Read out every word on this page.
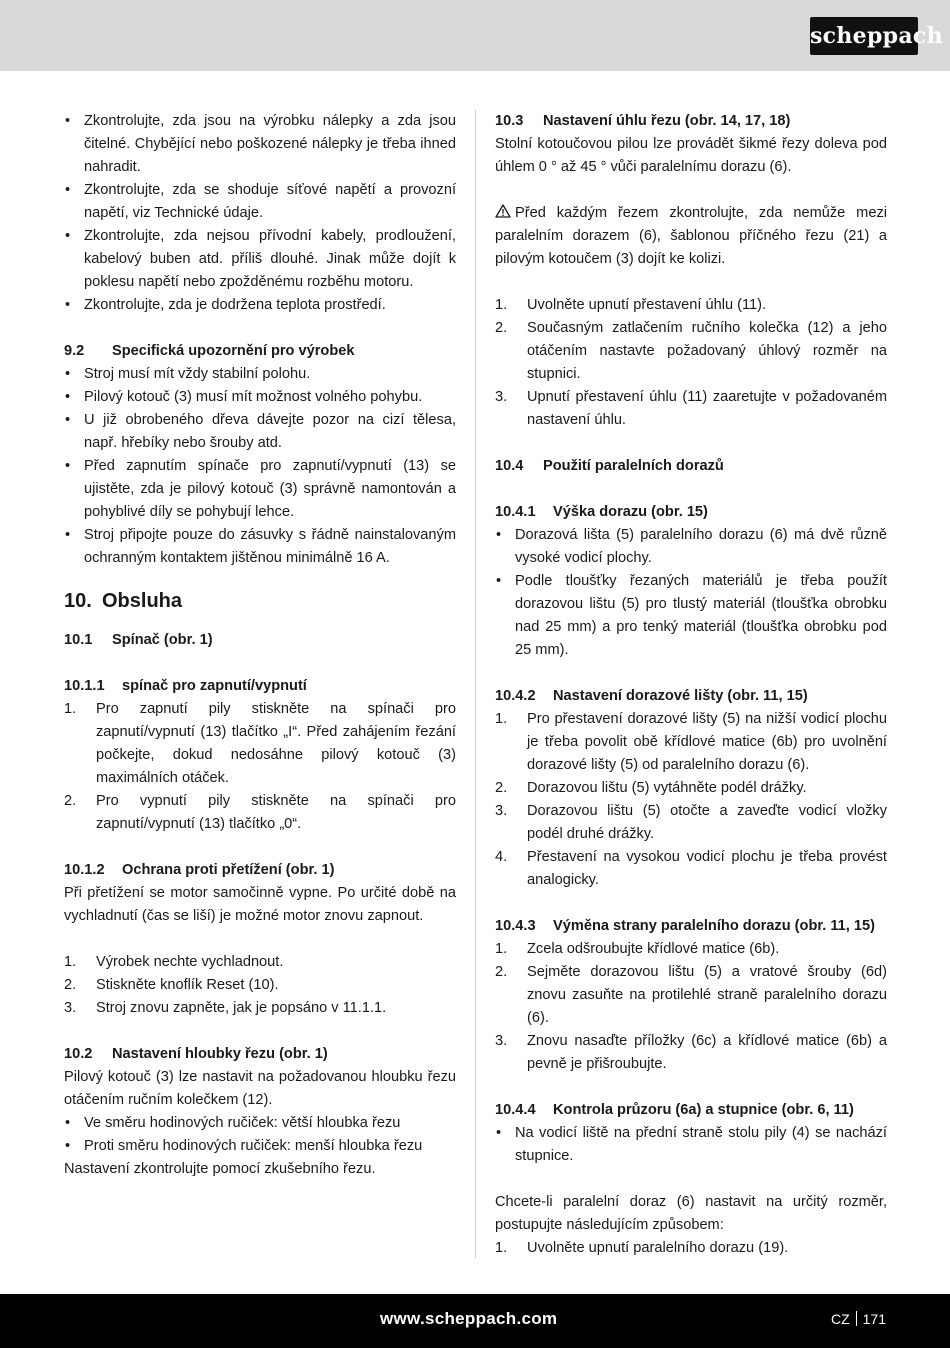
scheppach
• Zkontrolujte, zda jsou na výrobku nálepky a zda jsou čitelné. Chybějící nebo poškozené nálepky je třeba ihned nahradit.
• Zkontrolujte, zda se shoduje síťové napětí a provozní napětí, viz Technické údaje.
• Zkontrolujte, zda nejsou přívodní kabely, prodloužení, kabelový buben atd. příliš dlouhé. Jinak může dojít k poklesu napětí nebo zpožděnému rozběhu motoru.
• Zkontrolujte, zda je dodržena teplota prostředí.
9.2 Specifická upozornění pro výrobek
• Stroj musí mít vždy stabilní polohu.
• Pilový kotouč (3) musí mít možnost volného pohybu.
• U již obrobeného dřeva dávejte pozor na cizí tělesa, např. hřebíky nebo šrouby atd.
• Před zapnutím spínače pro zapnutí/vypnutí (13) se ujistěte, zda je pilový kotouč (3) správně namontován a pohyblivé díly se pohybují lehce.
• Stroj připojte pouze do zásuvky s řádně nainstalovaným ochranným kontaktem jištěnou minimálně 16 A.
10. Obsluha
10.1 Spínač (obr. 1)
10.1.1 spínač pro zapnutí/vypnutí
1. Pro zapnutí pily stiskněte na spínači pro zapnutí/vypnutí (13) tlačítko „I“. Před zahájením řezání počkejte, dokud nedosáhne pilový kotouč (3) maximálních otáček.
2. Pro vypnutí pily stiskněte na spínači pro zapnutí/vypnutí (13) tlačítko „0“.
10.1.2 Ochrana proti přetížení (obr. 1)

Při přetížení se motor samočinně vypne. Po určité době na vychladnutí (čas se liší) je možné motor znovu zapnout.

1. Výrobek nechte vychladnout.
2. Stiskněte knoflík Reset (10).
3. Stroj znovu zapněte, jak je popsáno v 11.1.1.
10.2 Nastavení hloubky řezu (obr. 1)

Pilový kotouč (3) lze nastavit na požadovanou hloubku řezu otáčením ručním kolečkem (12).

• Ve směru hodinových ručiček: větší hloubka řezu
• Proti směru hodinových ručiček: menší hloubka řezu

Nastavení zkontrolujte pomocí zkušebního řezu.

10.3 Nastavení úhlu řezu (obr. 14, 17, 18)

Stolní kotoučovou pilou lze provádět šikmé řezy doleva pod úhlem 0 ° až 45 ° vůči paralelnímu dorazu (6).

Před každým řezem zkontrolujte, zda nemůže mezi paralelním dorazem (6), šablonou příčného řezu (21) a pilovým kotoučem (3) dojít ke kolizi.

1. Uvolněte upnutí přestavení úhlu (11).
2. Současným zatlačením ručního kolečka (12) a jeho otáčením nastavte požadovaný úhlový rozměr na stupnici.
3. Upnutí přestavení úhlu (11) zaaretujte v požadovaném nastavení úhlu.
10.4 Použití paralelních dorazů
10.4.1 Výška dorazu (obr. 15)
• Dorazová lišta (5) paralelního dorazu (6) má dvě různě vysoké vodicí plochy.
• Podle tloušťky řezaných materiálů je třeba použít dorazovou lištu (5) pro tlustý materiál (tloušťka obrobku nad 25 mm) a pro tenký materiál (tloušťka obrobku pod 25 mm).
10.4.2 Nastavení dorazové lišty (obr. 11, 15)
1. Pro přestavení dorazové lišty (5) na nižší vodicí plochu je třeba povolit obě křídlové matice (6b) pro uvolnění dorazové lišty (5) od paralelního dorazu (6).
2. Dorazovou lištu (5) vytáhněte podél drážky.
3. Dorazovou lištu (5) otočte a zaveďte vodicí vložky podél druhé drážky.
4. Přestavení na vysokou vodicí plochu je třeba provést analogicky.
10.4.3 Výměna strany paralelního dorazu (obr. 11, 15)
1. Zcela odšroubujte křídlové matice (6b).
2. Sejměte dorazovou lištu (5) a vratové šrouby (6d) znovu zasuňte na protilehlé straně paralelního dorazu (6).
3. Znovu nasaďte příložky (6c) a křídlové matice (6b) a pevně je přišroubujte.
10.4.4 Kontrola průzoru (6a) a stupnice (obr. 6, 11)
• Na vodicí liště na přední straně stolu pily (4) se nachází stupnice.

Chcete-li paralelní doraz (6) nastavit na určitý rozměr, postupujte následujícím způsobem:

1. Uvolněte upnutí paralelního dorazu (19).
www.scheppach.com	CZ 171
